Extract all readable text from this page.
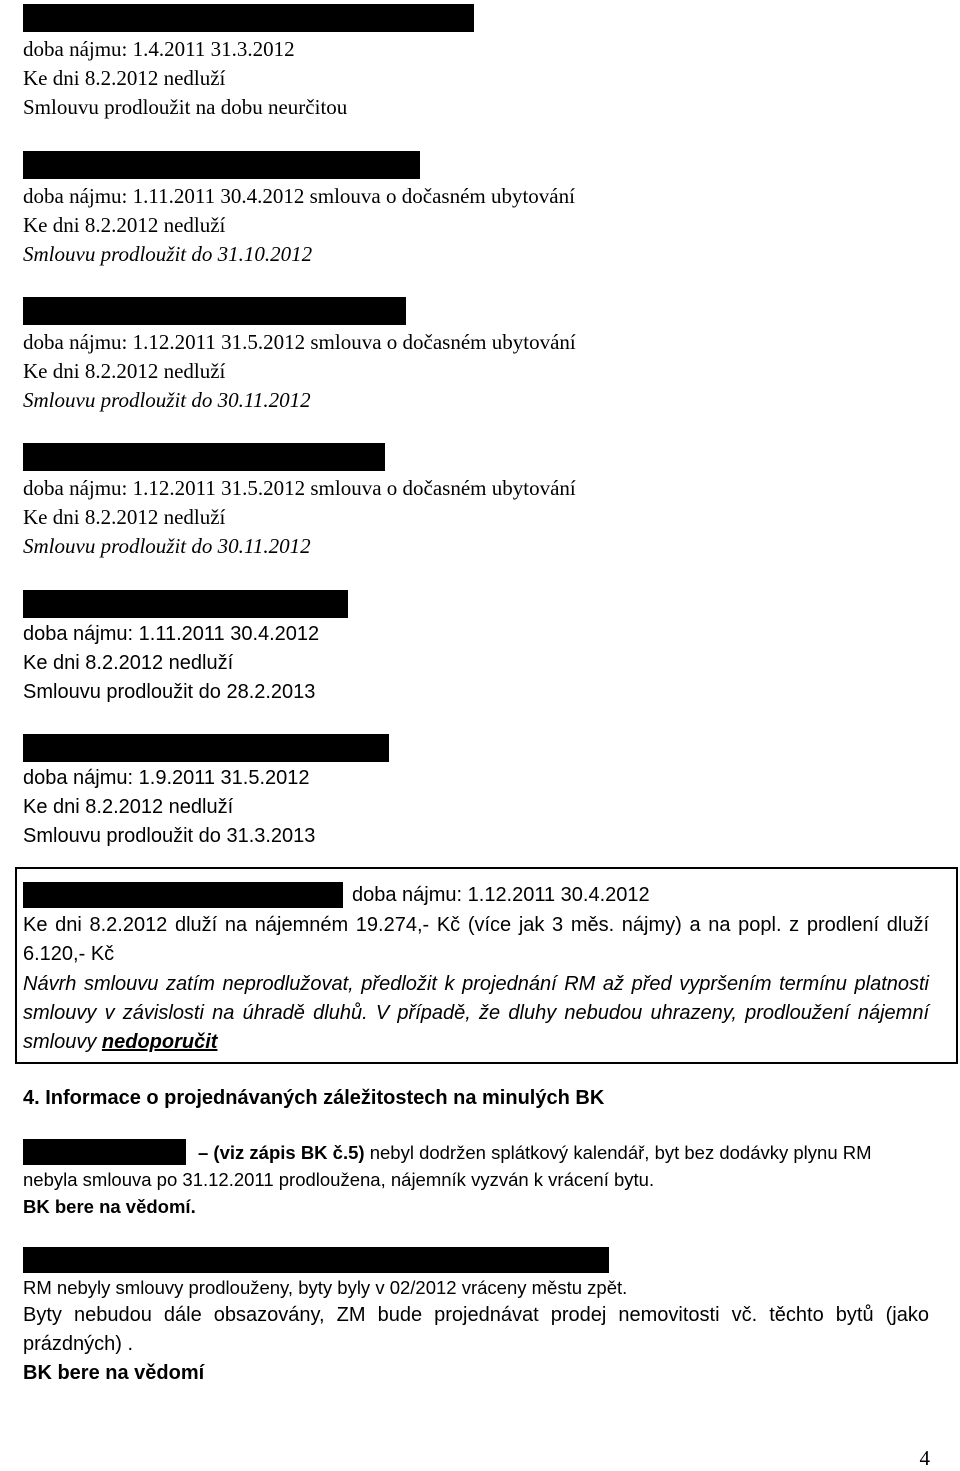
doba nájmu: 1.4.2011 31.3.2012
Ke dni 8.2.2012 nedluží
Smlouvu prodloužit na dobu neurčitou
doba nájmu: 1.11.2011 30.4.2012 smlouva o dočasném ubytování
Ke dni 8.2.2012 nedluží
Smlouvu prodloužit do 31.10.2012
doba nájmu: 1.12.2011 31.5.2012 smlouva o dočasném ubytování
Ke dni 8.2.2012 nedluží
Smlouvu prodloužit do 30.11.2012
doba nájmu: 1.12.2011 31.5.2012 smlouva o dočasném ubytování
Ke dni 8.2.2012 nedluží
Smlouvu prodloužit do 30.11.2012
doba nájmu: 1.11.2011 30.4.2012
Ke dni 8.2.2012 nedluží
Smlouvu prodloužit do 28.2.2013
doba nájmu: 1.9.2011 31.5.2012
Ke dni 8.2.2012 nedluží
Smlouvu prodloužit do 31.3.2013
doba nájmu: 1.12.2011 30.4.2012
Ke dni 8.2.2012 dluží na nájemném 19.274,- Kč (více jak 3 měs. nájmy) a na popl. z prodlení dluží 6.120,- Kč
Návrh smlouvu zatím neprodlužovat, předložit k projednání RM až před vypršením termínu platnosti smlouvy v závislosti na úhradě dluhů. V případě, že dluhy nebudou uhrazeny, prodloužení nájemní smlouvy nedoporučit
4. Informace o projednávaných záležitostech na minulých BK
– (viz zápis BK č.5) nebyl dodržen splátkový kalendář, byt bez dodávky plynu RM
nebyla smlouva po 31.12.2011 prodloužena, nájemník vyzván k vrácení bytu.
BK bere na vědomí.
RM nebyly smlouvy prodlouženy, byty byly v 02/2012 vráceny městu zpět.
Byty nebudou dále obsazovány, ZM bude projednávat prodej nemovitosti vč. těchto bytů (jako prázdných) .
BK bere na vědomí
4
